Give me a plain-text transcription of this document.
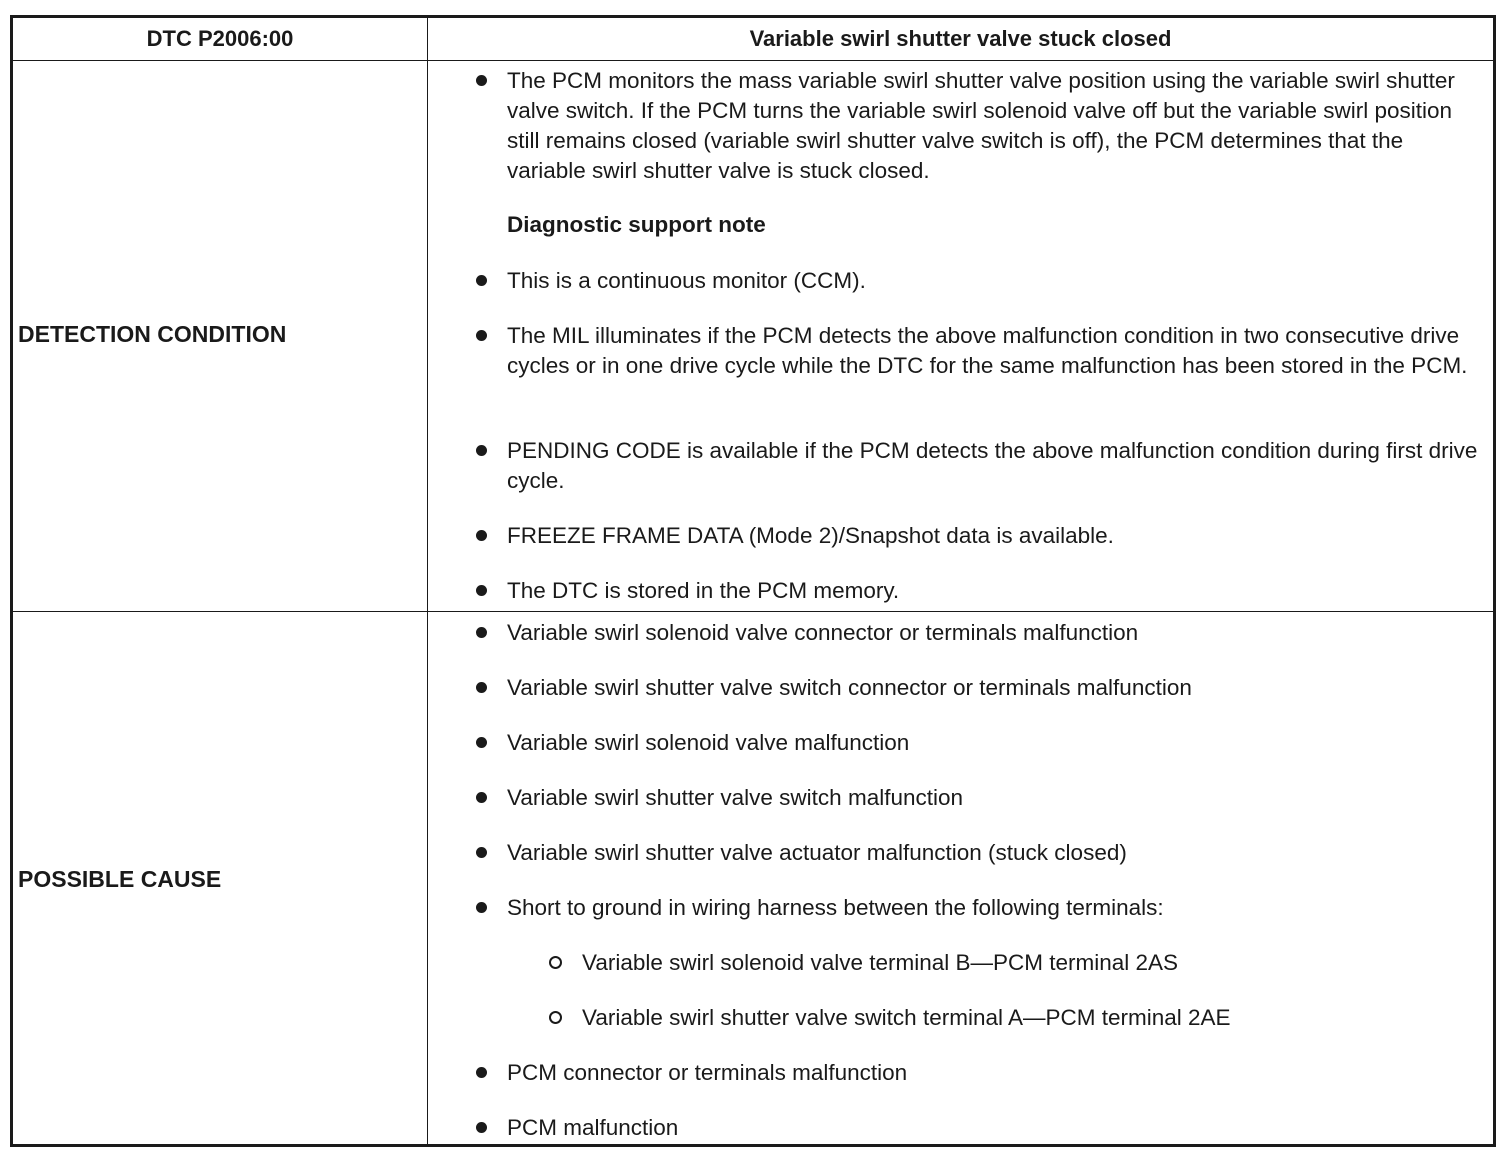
DTC P2006:00	Variable swirl shutter valve stuck closed
DETECTION CONDITION
The PCM monitors the mass variable swirl shutter valve position using the variable swirl shutter valve switch. If the PCM turns the variable swirl solenoid valve off but the variable swirl position still remains closed (variable swirl shutter valve switch is off), the PCM determines that the variable swirl shutter valve is stuck closed.
Diagnostic support note
This is a continuous monitor (CCM).
The MIL illuminates if the PCM detects the above malfunction condition in two consecutive drive cycles or in one drive cycle while the DTC for the same malfunction has been stored in the PCM.
PENDING CODE is available if the PCM detects the above malfunction condition during first drive cycle.
FREEZE FRAME DATA (Mode 2)/Snapshot data is available.
The DTC is stored in the PCM memory.
POSSIBLE CAUSE
Variable swirl solenoid valve connector or terminals malfunction
Variable swirl shutter valve switch connector or terminals malfunction
Variable swirl solenoid valve malfunction
Variable swirl shutter valve switch malfunction
Variable swirl shutter valve actuator malfunction (stuck closed)
Short to ground in wiring harness between the following terminals:
Variable swirl solenoid valve terminal B—PCM terminal 2AS
Variable swirl shutter valve switch terminal A—PCM terminal 2AE
PCM connector or terminals malfunction
PCM malfunction
